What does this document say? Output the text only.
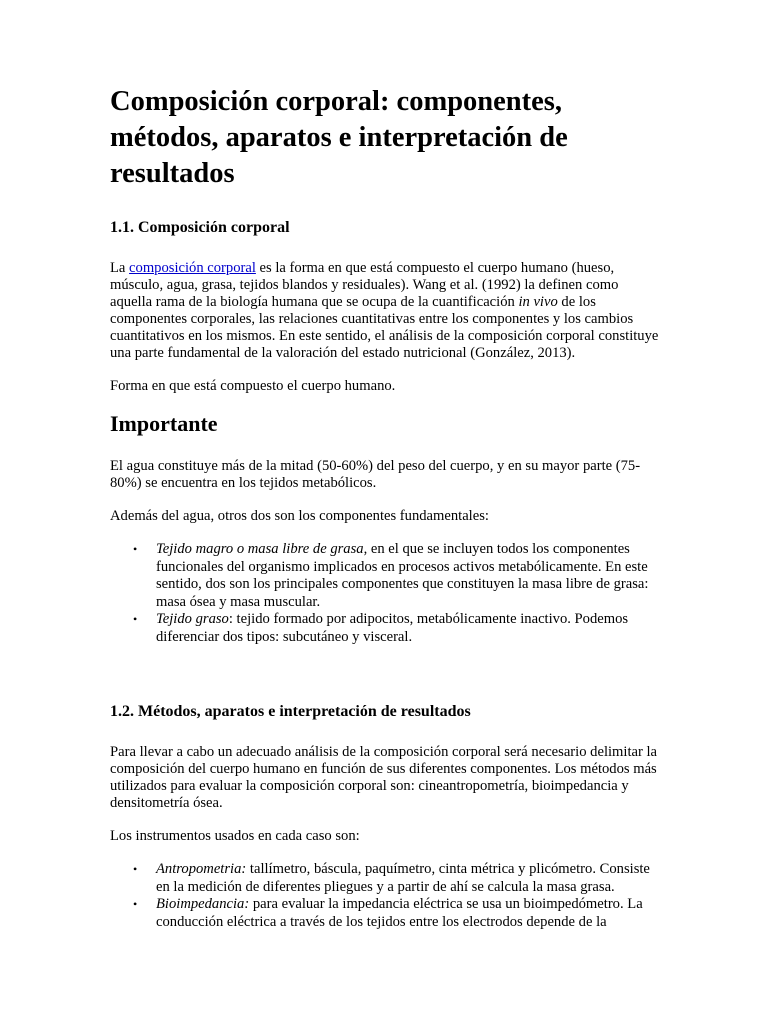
Composición corporal: componentes, métodos, aparatos e interpretación de resultados
1.1. Composición corporal

La composición corporal es la forma en que está compuesto el cuerpo humano (hueso, músculo, agua, grasa, tejidos blandos y residuales). Wang et al. (1992) la definen como aquella rama de la biología humana que se ocupa de la cuantificación in vivo de los componentes corporales, las relaciones cuantitativas entre los componentes y los cambios cuantitativos en los mismos. En este sentido, el análisis de la composición corporal constituye una parte fundamental de la valoración del estado nutricional (González, 2013).

Forma en que está compuesto el cuerpo humano.

Importante

El agua constituye más de la mitad (50-60%) del peso del cuerpo, y en su mayor parte (75-80%) se encuentra en los tejidos metabólicos.

Además del agua, otros dos son los componentes fundamentales:

• Tejido magro o masa libre de grasa, en el que se incluyen todos los componentes funcionales del organismo implicados en procesos activos metabólicamente. En este sentido, dos son los principales componentes que constituyen la masa libre de grasa: masa ósea y masa muscular.
• Tejido graso: tejido formado por adipocitos, metabólicamente inactivo. Podemos diferenciar dos tipos: subcutáneo y visceral.
1.2. Métodos, aparatos e interpretación de resultados

Para llevar a cabo un adecuado análisis de la composición corporal será necesario delimitar la composición del cuerpo humano en función de sus diferentes componentes. Los métodos más utilizados para evaluar la composición corporal son: cineantropometría, bioimpedancia y densitometría ósea.

Los instrumentos usados en cada caso son:

• Antropometria: tallímetro, báscula, paquímetro, cinta métrica y plicómetro. Consiste en la medición de diferentes pliegues y a partir de ahí se calcula la masa grasa.
• Bioimpedancia: para evaluar la impedancia eléctrica se usa un bioimpedómetro. La conducción eléctrica a través de los tejidos entre los electrodos depende de la
